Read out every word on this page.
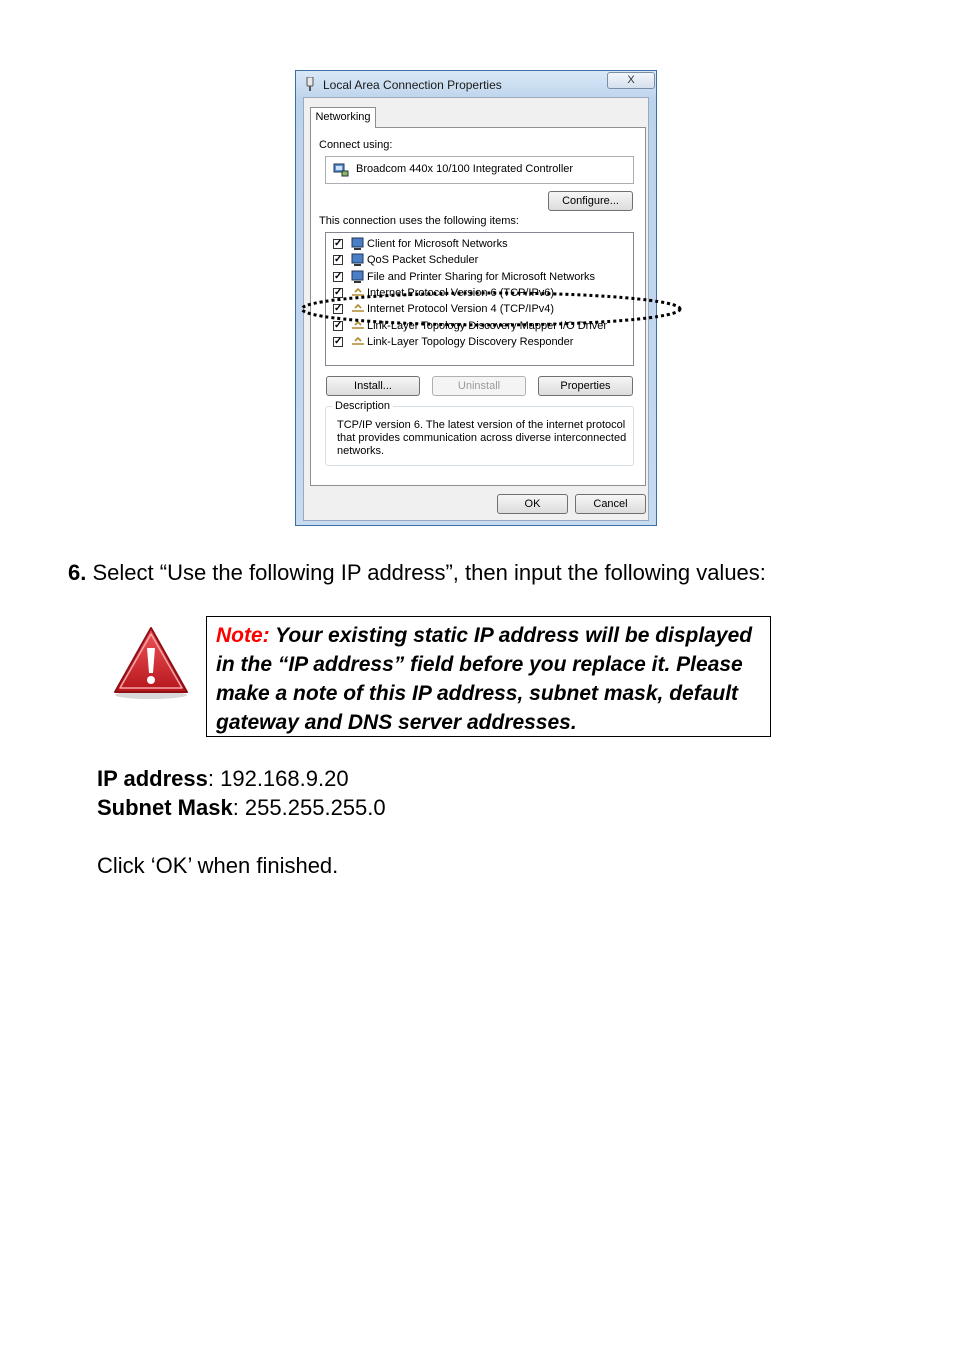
Local Area Connection Properties	X
Networking
Connect using:
Broadcom 440x 10/100 Integrated Controller
Configure...
This connection uses the following items:
✓ Client for Microsoft Networks
✓ QoS Packet Scheduler
✓ File and Printer Sharing for Microsoft Networks
✓ Internet Protocol Version 6 (TCP/IPv6)
✓ Internet Protocol Version 4 (TCP/IPv4)
✓ Link-Layer Topology Discovery Mapper I/O Driver
✓ Link-Layer Topology Discovery Responder
Install...	Uninstall	Properties
Description
TCP/IP version 6. The latest version of the internet protocol that provides communication across diverse interconnected networks.
OK	Cancel
6. Select “Use the following IP address”, then input the following values:
Note: Your existing static IP address will be displayed in the “IP address” field before you replace it. Please make a note of this IP address, subnet mask, default gateway and DNS server addresses.
IP address: 192.168.9.20
Subnet Mask: 255.255.255.0
Click ‘OK’ when finished.
